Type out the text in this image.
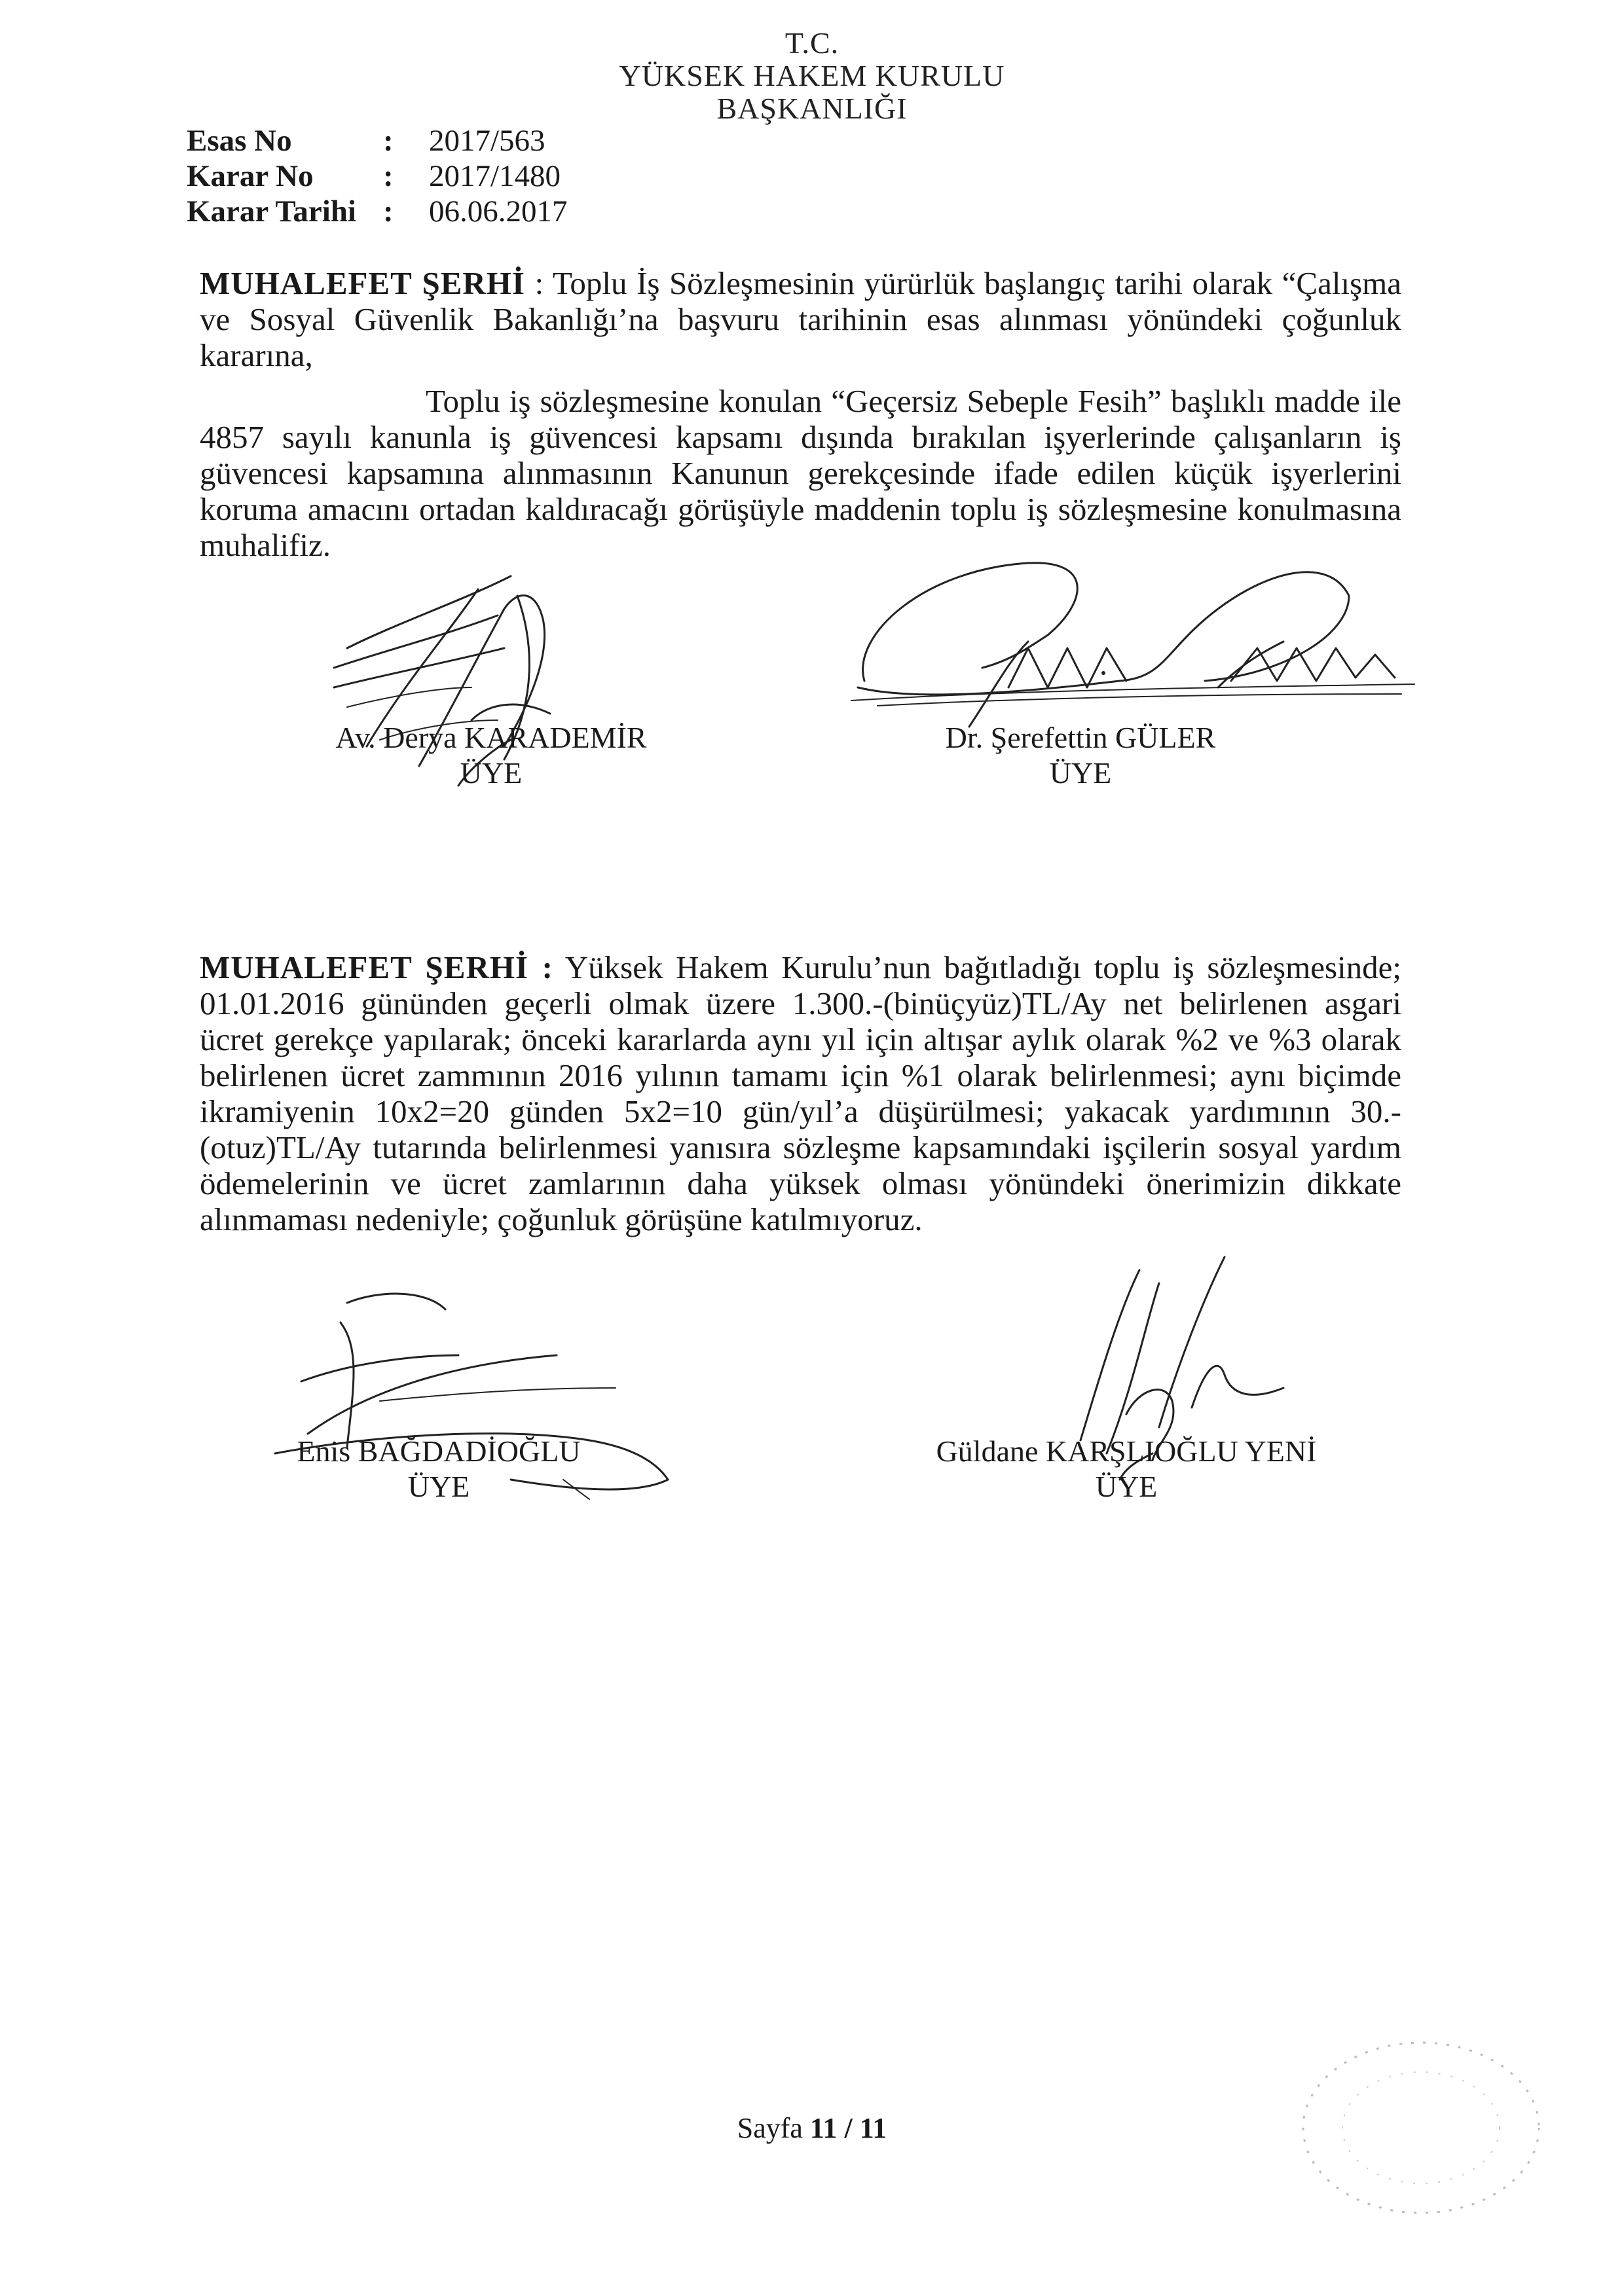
T.C.
YÜKSEK HAKEM KURULU
BAŞKANLIĞI
Esas No	:	2017/563
Karar No	:	2017/1480
Karar Tarihi :	06.06.2017
MUHALEFET ŞERHİ : Toplu İş Sözleşmesinin yürürlük başlangıç tarihi olarak “Çalışma ve Sosyal Güvenlik Bakanlığı’na başvuru tarihinin esas alınması yönündeki çoğunluk kararına,
Toplu iş sözleşmesine konulan “Geçersiz Sebeple Fesih” başlıklı madde ile 4857 sayılı kanunla iş güvencesi kapsamı dışında bırakılan işyerlerinde çalışanların iş güvencesi kapsamına alınmasının Kanunun gerekçesinde ifade edilen küçük işyerlerini koruma amacını ortadan kaldıracağı görüşüyle maddenin toplu iş sözleşmesine konulmasına muhalifiz.
Av. Derya KARADEMİR
ÜYE
Dr. Şerefettin GÜLER
ÜYE
MUHALEFET ŞERHİ : Yüksek Hakem Kurulu’nun bağıtladığı toplu iş sözleşmesinde; 01.01.2016 gününden geçerli olmak üzere 1.300.-(binüçyüz)TL/Ay net belirlenen asgari ücret gerekçe yapılarak; önceki kararlarda aynı yıl için altışar aylık olarak %2 ve %3 olarak belirlenen ücret zammının 2016 yılının tamamı için %1 olarak belirlenmesi; aynı biçimde ikramiyenin 10x2=20 günden 5x2=10 gün/yıl’a düşürülmesi; yakacak yardımının 30.-(otuz)TL/Ay tutarında belirlenmesi yanısıra sözleşme kapsamındaki işçilerin sosyal yardım ödemelerinin ve ücret zamlarının daha yüksek olması yönündeki önerimizin dikkate alınmaması nedeniyle; çoğunluk görüşüne katılmıyoruz.
Enis BAĞDADİOĞLU
ÜYE
Güldane KARŞLIOĞLU YENİ
ÜYE
Sayfa 11 / 11
